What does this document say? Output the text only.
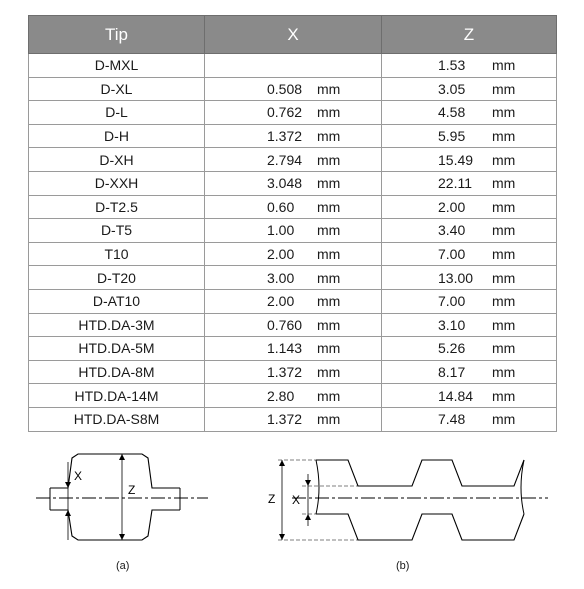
Tip	X	Z
D-MXL		1.53 mm
D-XL	0.508 mm	3.05 mm
D-L	0.762 mm	4.58 mm
D-H	1.372 mm	5.95 mm
D-XH	2.794 mm	15.49 mm
D-XXH	3.048 mm	22.11 mm
D-T2.5	0.60 mm	2.00 mm
D-T5	1.00 mm	3.40 mm
T10	2.00 mm	7.00 mm
D-T20	3.00 mm	13.00 mm
D-AT10	2.00 mm	7.00 mm
HTD.DA-3M	0.760 mm	3.10 mm
HTD.DA-5M	1.143 mm	5.26 mm
HTD.DA-8M	1.372 mm	8.17 mm
HTD.DA-14M	2.80 mm	14.84 mm
HTD.DA-S8M	1.372 mm	7.48 mm
X
Z
(a)
Z X
(b)
